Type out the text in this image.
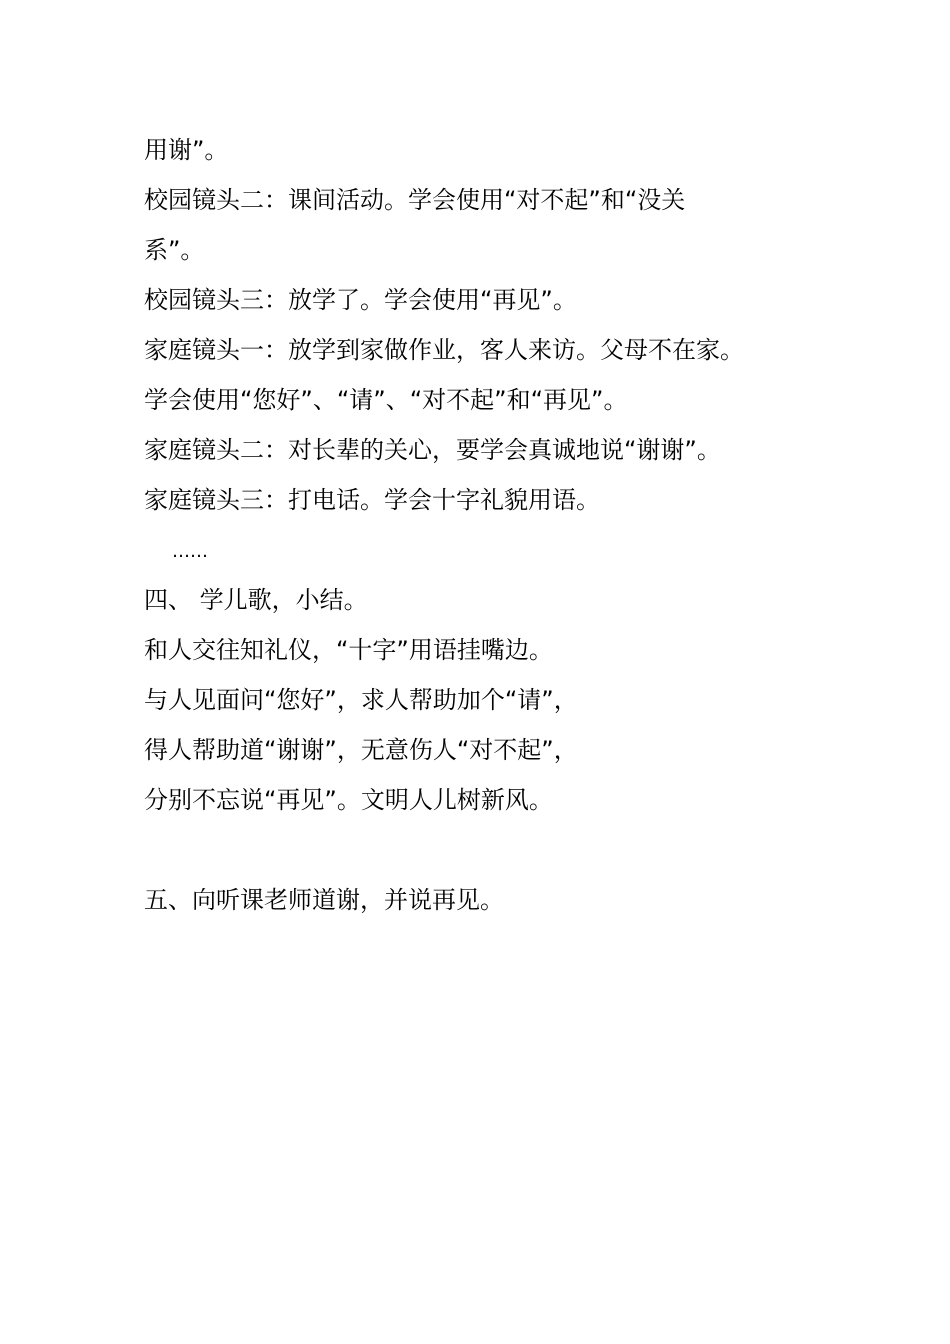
用谢”。
校园镜头二：课间活动。学会使用“对不起”和“没关
系”。
校园镜头三：放学了。学会使用“再见”。
家庭镜头一：放学到家做作业，客人来访。父母不在家。
学会使用“您好”、“请”、“对不起”和“再见”。
家庭镜头二：对长辈的关心，要学会真诚地说“谢谢”。
家庭镜头三：打电话。学会十字礼貌用语。
……
四、 学儿歌，小结。
和人交往知礼仪，“十字”用语挂嘴边。
与人见面问“您好”，求人帮助加个“请”，
得人帮助道“谢谢”，无意伤人“对不起”，
分别不忘说“再见”。文明人儿树新风。
五、向听课老师道谢，并说再见。
